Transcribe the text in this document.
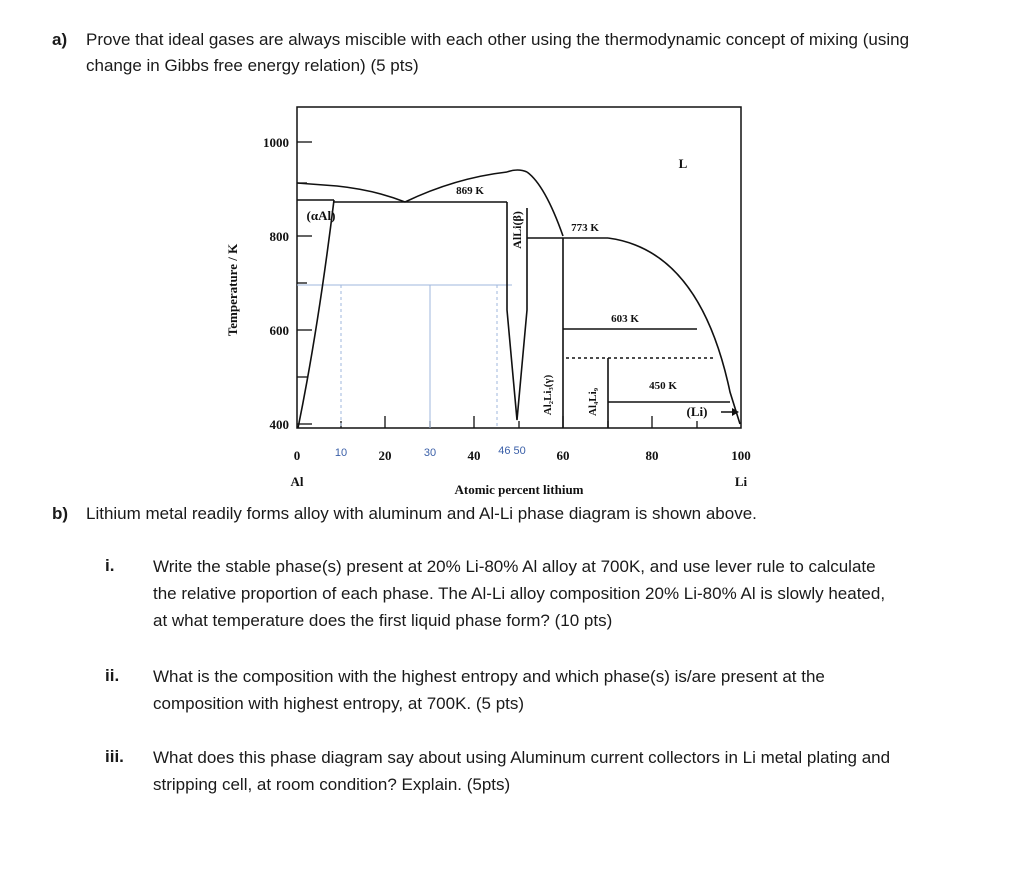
a) Prove that ideal gases are always miscible with each other using the thermodynamic concept of mixing (using change in Gibbs free energy relation) (5 pts)
1000
800
600
400
Temperature / K
0	20	40	60	80	100
10	30	46 50
Al	Li
Atomic percent lithium
L
(αAl)	AlLi(β)
Al₂Li₃(γ)	Al₄Li₉	(Li)
869 K
773 K
603 K
450 K
b) Lithium metal readily forms alloy with aluminum and Al-Li phase diagram is shown above.
i. Write the stable phase(s) present at 20% Li-80% Al alloy at 700K, and use lever rule to calculate the relative proportion of each phase. The Al-Li alloy composition 20% Li-80% Al is slowly heated, at what temperature does the first liquid phase form? (10 pts)
ii. What is the composition with the highest entropy and which phase(s) is/are present at the composition with highest entropy, at 700K. (5 pts)
iii. What does this phase diagram say about using Aluminum current collectors in Li metal plating and stripping cell, at room condition? Explain. (5pts)
